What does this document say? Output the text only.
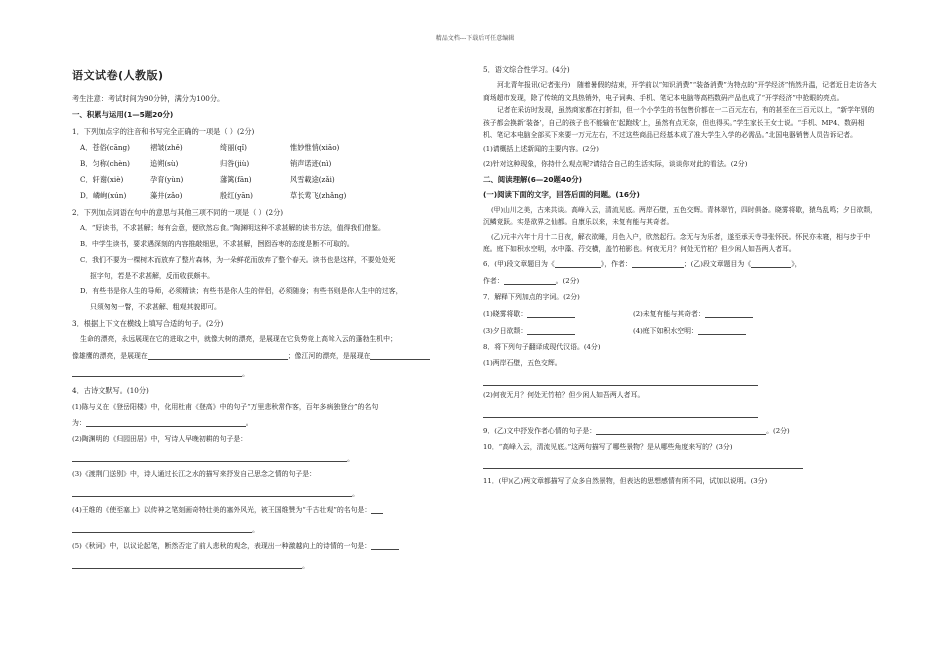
精品文档---下载后可任意编辑
语文试卷(人教版)
考生注意：考试时间为90分钟，满分为100分。
一、积累与运用(1—5题20分)
1．下列加点字的注音和书写完全正确的一项是（ ）(2分)
A．苍俗(cāng)	褶皱(zhě)	绮丽(qǐ)	惟妙惟悄(xiāo)
B．匀称(chèn)	追朔(sù)	归咎(jiù)	销声诺迹(nì)
C．轩谢(xiè)	孕育(yùn)	藩篱(fān)	风雪載途(zǎi)
D．嶙峋(xún)	藻井(zǎo)	殷红(yān)	草长莺飞(zhǎng)
2．下列加点词语在句中的意思与其他三项不同的一项是（ ）(2分)
A．“好读书，不求甚解；每有会意，便欣然忘食。”陶渊明这种不求甚解的读书方法，值得我们借鉴。
B．中学生读书，要求遇深刻的内容推敲细思，不求甚解，囫囵吞枣的态度是断不可取的。
C．我们不要为一棵树木而放弃了整片森林，为一朵鲜花而放弃了整个春天。读书也是这样，不要处处死
抠字句，若是不求甚解，反而收获颇丰。
D．有些书是你人生的导师，必须精读；有些书是你人生的伴侣，必须随身；有些书则是你人生中的过客，
只须匆匆一瞥，不求甚解、粗观其貌即可。
3．根据上下文在横线上填写合适的句子。(2分)
生命的漂亮，永远展现在它的进取之中，就像大树的漂亮，是展现在它负势竞上高耸入云的蓬勃生机中；
像雄鹰的漂亮，是展现在	；像江河的漂亮，是展现在
。
4．古诗文默写。(10分)
(1)陈与义在《登岳阳楼》中，化用杜甫《登高》中的句子“万里悲秋常作客，百年多病独登台”的名句
为：	。
(2)陶渊明的《归园田居》中，写诗人早晚初耕的句子是：
。
(3)《渡荆门送别》中，诗人通过长江之水的描写来抒发自己思念之情的句子是：
。
(4)王维的《使至塞上》以传神之笔刻画奇特壮美的塞外风光，被王国维赞为“千古壮观”的名句是：
。
(5)《秋词》中，以议论起笔，断然否定了前人悲秋的观念，表现出一种激越向上的诗情的一句是：
。
5．语文综合性学习。(4分)
河北青年报讯(记者张丹)　随着暑假的结束，开学前以“知识消费”“装备消费”为特点的“开学经济”悄然升温，记者近日走访各大商场超市发现，除了传统的文具热销外，电子词典、手机、笔记本电脑等高档数码产品也成了“开学经济”中抢眼的亮点。
记者在采访时发现，虽然商家都在打折扣，但一个小学生的书包售价都在一二百元左右，有的甚至在三百元以上，“新学年别的孩子都会换新‘装备’，自己的孩子也不能输在‘起跑线’上，虽然有点无奈，但也得买。”学生家长王女士说。“手机、MP4、数码相机、笔记本电脑全部买下来要一万元左右，不过这些商品已经基本成了准大学生入学的必需品。”北国电器销售人员告诉记者。
(1)请概括上述新闻的主要内容。(2分)
(2)针对这种现象，你持什么观点呢?请结合自己的生活实际，谈谈你对此的看法。(2分)
二、阅读理解(6—20题40分)
(一)阅读下面的文字，回答后面的问题。(16分)
(甲)山川之美，古来共谈。高峰入云，清流见底。两岸石壁，五色交辉。青林翠竹，四时俱备。晓雾将歇，猿鸟乱鸣；夕日欲颓，沉鳞竞跃。实是欲界之仙都。自康乐以来，未复有能与其奇者。
(乙)元丰六年十月十二日夜，解衣欲睡，月色入户，欣然起行。念无与为乐者，遂至承天寺寻张怀民。怀民亦未寝，相与步于中庭。庭下如积水空明，水中藻、荇交横，盖竹柏影也。何夜无月？何处无竹柏？但少闲人如吾两人者耳。
6．(甲)段文章题目为《	》，作者：	；(乙)段文章题目为《	》，
作者：	。(2分)
7．解释下列加点的字词。(2分)
(1)晓雾将歇：	(2)未复有能与其奇者：
(3)夕日欲颓：	(4)庭下如积水空明：
8．将下列句子翻译成现代汉语。(4分)
(1)两岸石壁，五色交辉。
(2)何夜无月？何处无竹柏？但少闲人如吾两人者耳。
9．(乙)文中抒发作者心情的句子是：	。(2分)
10．“高峰入云，清流见底。”这两句描写了哪些景物？是从哪些角度来写的？(3分)
11．(甲)(乙)两文章都描写了众多自然景物，但表达的思想感情有所不同，试加以说明。(3分)
